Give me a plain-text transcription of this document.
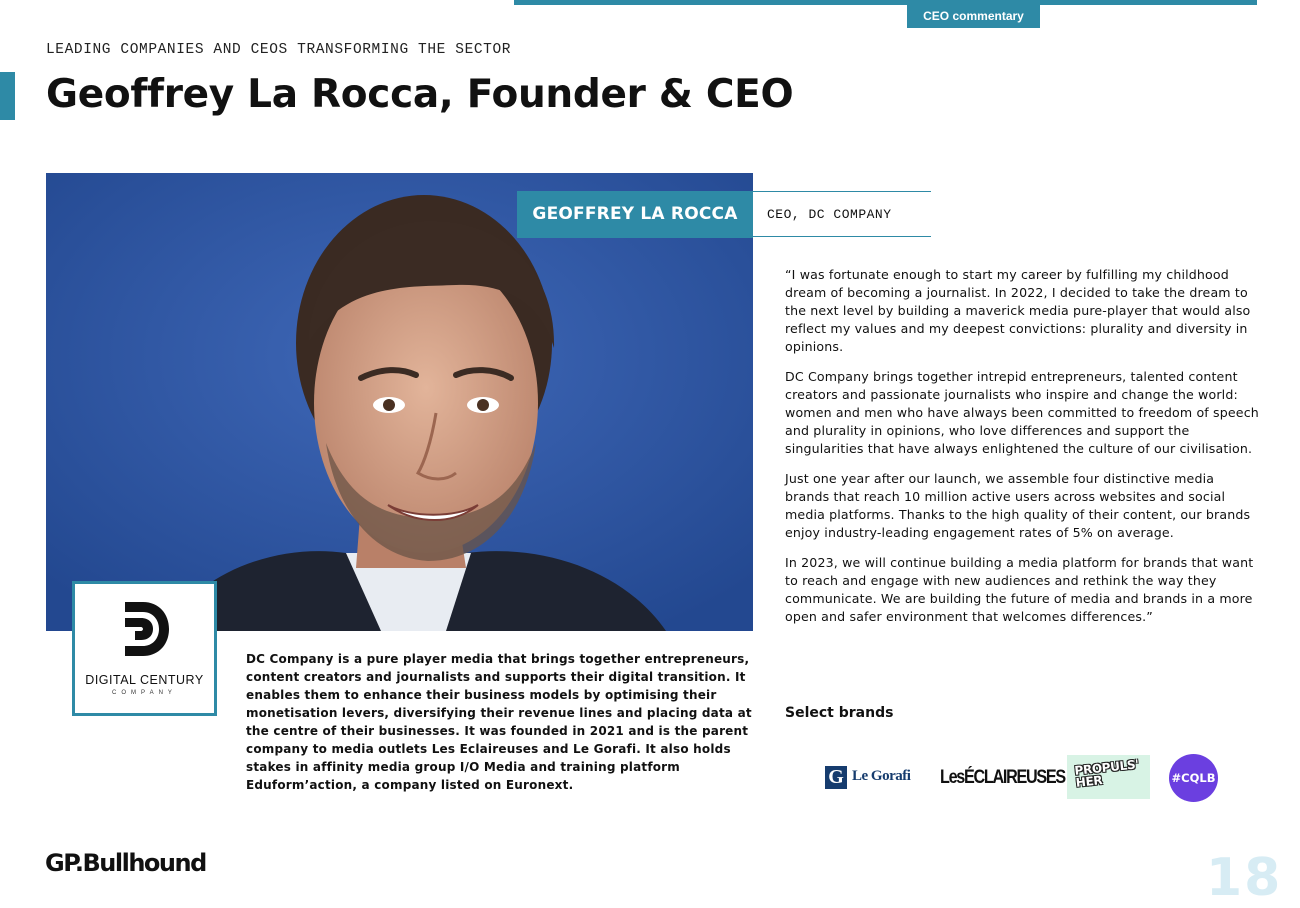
CEO commentary
LEADING COMPANIES AND CEOS TRANSFORMING THE SECTOR
Geoffrey La Rocca, Founder & CEO
GEOFFREY LA ROCCA	CEO, DC COMPANY
DIGITAL CENTURY
COMPANY
DC Company is a pure player media that brings together entrepreneurs, content creators and journalists and supports their digital transition. It enables them to enhance their business models by optimising their monetisation levers, diversifying their revenue lines and placing data at the centre of their businesses. It was founded in 2021 and is the parent company to media outlets Les Eclaireuses and Le Gorafi. It also holds stakes in affinity media group I/O Media and training platform Eduform’action, a company listed on Euronext.

“I was fortunate enough to start my career by fulfilling my childhood dream of becoming a journalist. In 2022, I decided to take the dream to the next level by building a maverick media pure-player that would also reflect my values and my deepest convictions: plurality and diversity in opinions.

DC Company brings together intrepid entrepreneurs, talented content creators and passionate journalists who inspire and change the world: women and men who have always been committed to freedom of speech and plurality in opinions, who love differences and support the singularities that have always enlightened the culture of our civilisation.

Just one year after our launch, we assemble four distinctive media brands that reach 10 million active users across websites and social media platforms. Thanks to the high quality of their content, our brands enjoy industry-leading engagement rates of 5% on average.

In 2023, we will continue building a media platform for brands that want to reach and engage with new audiences and rethink the way they communicate. We are building the future of media and brands in a more open and safer environment that welcomes differences.”

Select brands
G Le Gorafi LesÉCLAIREUSES PROPULS' HER	#CQLB
GP.Bullhound	18
